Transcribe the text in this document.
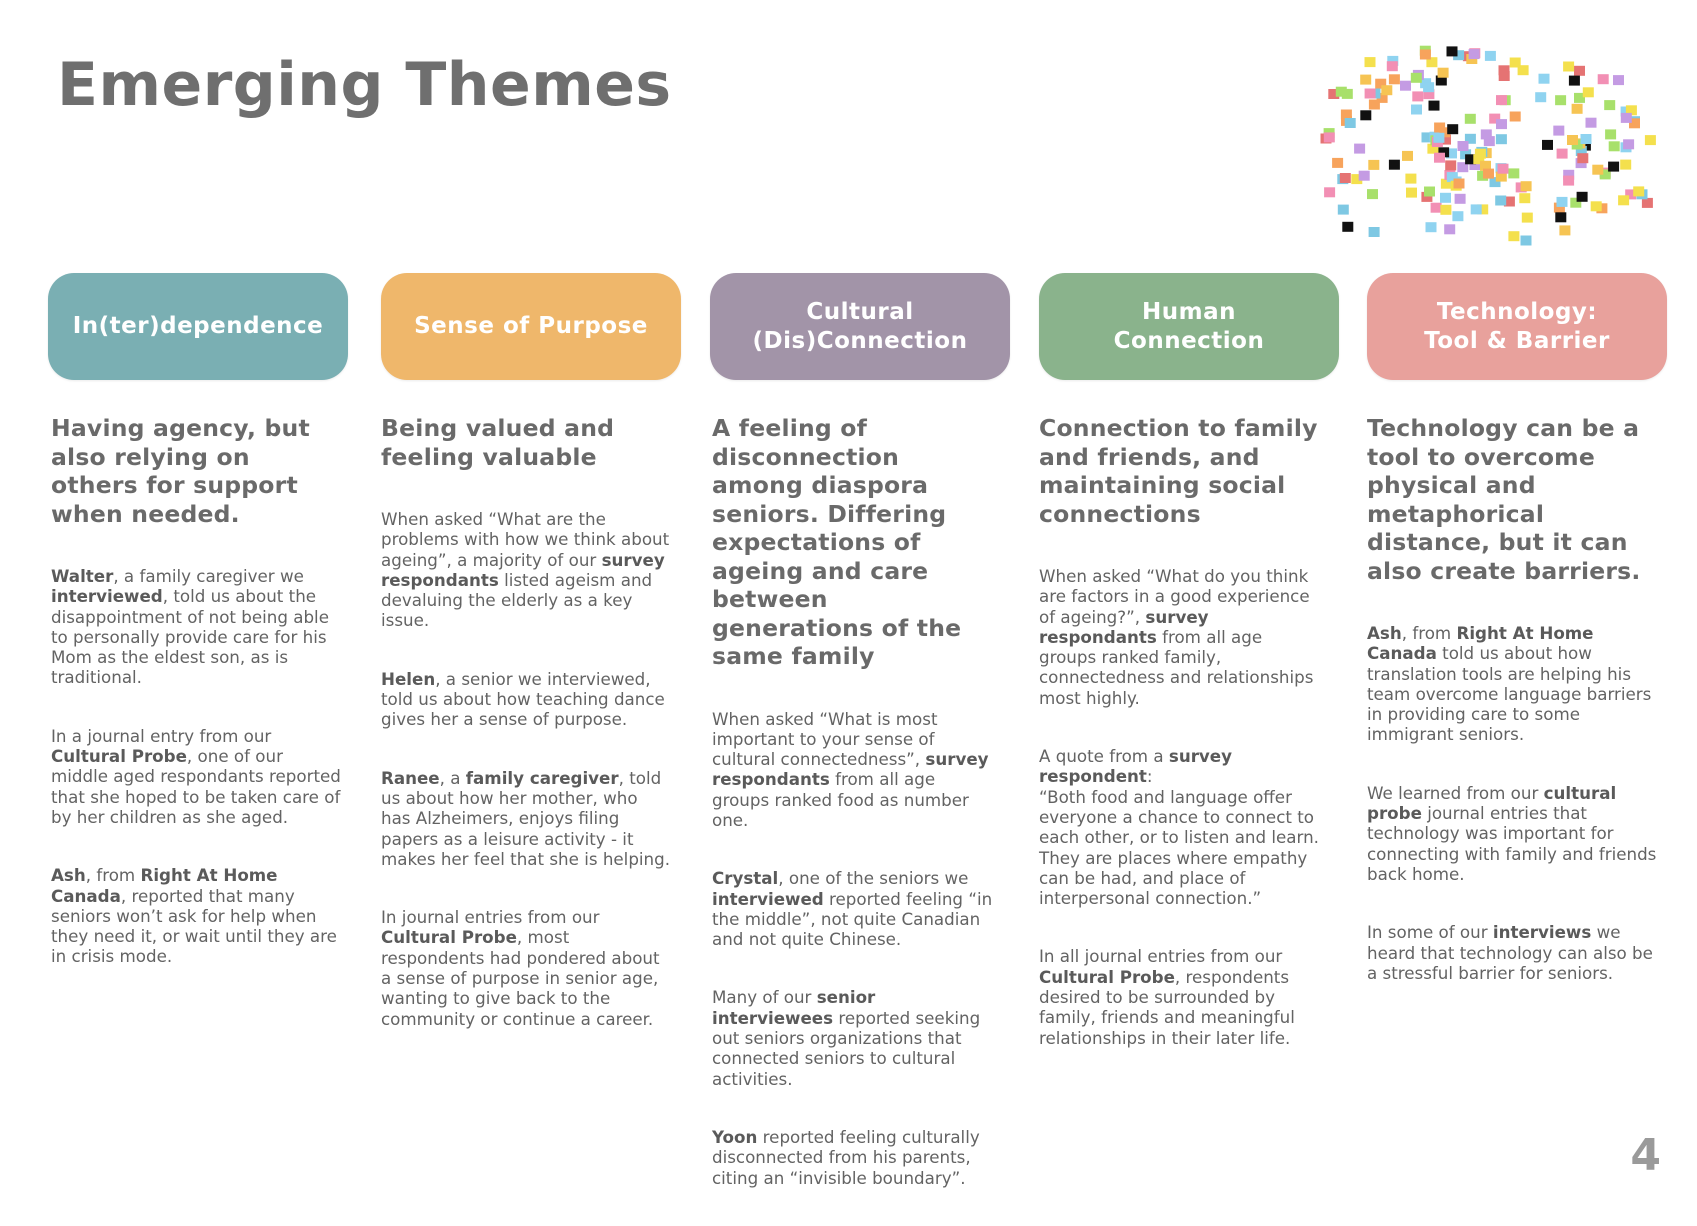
Emerging Themes
In(ter)dependence	Sense of Purpose
Cultural (Dis)Connection
Human Connection
Technology: Tool & Barrier

Having agency, but also relying on others for support when needed.

Walter, a family caregiver we interviewed, told us about the disappointment of not being able to personally provide care for his Mom as the eldest son, as is traditional.

In a journal entry from our Cultural Probe, one of our middle aged respondants reported that she hoped to be taken care of by her children as she aged.

Ash, from Right At Home Canada, reported that many seniors won’t ask for help when they need it, or wait until they are in crisis mode.

Being valued and feeling valuable

When asked “What are the problems with how we think about ageing”, a majority of our survey respondants listed ageism and devaluing the elderly as a key issue.

Helen, a senior we interviewed, told us about how teaching dance gives her a sense of purpose.

Ranee, a family caregiver, told us about how her mother, who has Alzheimers, enjoys filing papers as a leisure activity - it makes her feel that she is helping.

In journal entries from our Cultural Probe, most respondents had pondered about a sense of purpose in senior age, wanting to give back to the community or continue a career.

A feeling of disconnection among diaspora seniors. Differing expectations of ageing and care between generations of the same family

When asked “What is most important to your sense of cultural connectedness”, survey respondants from all age groups ranked food as number one.

Crystal, one of the seniors we interviewed reported feeling “in the middle”, not quite Canadian and not quite Chinese.

Many of our senior interviewees reported seeking out seniors organizations that connected seniors to cultural activities.

Yoon reported feeling culturally disconnected from his parents, citing an “invisible boundary”.

Connection to family and friends, and maintaining social connections

When asked “What do you think are factors in a good experience of ageing?”, survey respondants from all age groups ranked family, connectedness and relationships most highly.

A quote from a survey respondent:
“Both food and language offer everyone a chance to connect to each other, or to listen and learn. They are places where empathy can be had, and place of interpersonal connection.”

In all journal entries from our Cultural Probe, respondents desired to be surrounded by family, friends and meaningful relationships in their later life.

Technology can be a tool to overcome physical and metaphorical distance, but it can also create barriers.

Ash, from Right At Home Canada told us about how translation tools are helping his team overcome language barriers in providing care to some immigrant seniors.

We learned from our cultural probe journal entries that technology was important for connecting with family and friends back home.

In some of our interviews we heard that technology can also be a stressful barrier for seniors.

4
